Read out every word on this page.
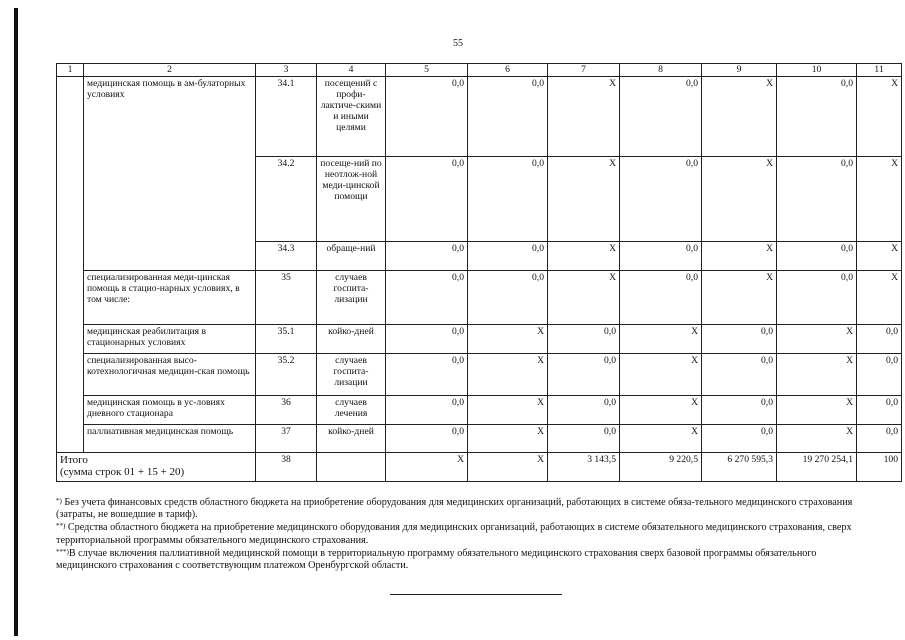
55
1	2	3	4	5	6	7	8	9	10	11
	медицинская помощь в ам-булаторных условиях	34.1	посещений с профи-лактиче-скими и иными целями	0,0	0,0	X	0,0	X	0,0	X
		34.2	посеще-ний по неотлож-ной меди-цинской помощи	0,0	0,0	X	0,0	X	0,0	X
		34.3	обраще-ний	0,0	0,0	X	0,0	X	0,0	X
	специализированная меди-цинская помощь в стацио-нарных условиях, в том числе:	35	случаев госпита-лизации	0,0	0,0	X	0,0	X	0,0	X
	медицинская реабилитация в стационарных условиях	35.1	койко-дней	0,0	X	0,0	X	0,0	X	0,0
	специализированная высо-котехнологичная медицин-ская помощь	35.2	случаев госпита-лизации	0,0	X	0,0	X	0,0	X	0,0
	медицинская помощь в ус-ловиях дневного стационара	36	случаев лечения	0,0	X	0,0	X	0,0	X	0,0
	паллиативная медицинская помощь	37	койко-дней	0,0	X	0,0	X	0,0	X	0,0

Итого
(сумма строк 01 + 15 + 20)		38		X	X	3 143,5	9 220,5	6 270 595,3	19 270 254,1	100

*) Без учета финансовых средств областного бюджета на приобретение оборудования для медицинских организаций, работающих в системе обяза-тельного медицинского страхования (затраты, не вошедшие в тариф).

**) Средства областного бюджета на приобретение медицинского оборудования для медицинских организаций, работающих в системе обязательного медицинского страхования, сверх территориальной программы обязательного медицинского страхования.

***)В случае включения паллиативной медицинской помощи в территориальную программу обязательного медицинского страхования сверх базовой программы обязательного медицинского страхования с соответствующим платежом Оренбургской области.
